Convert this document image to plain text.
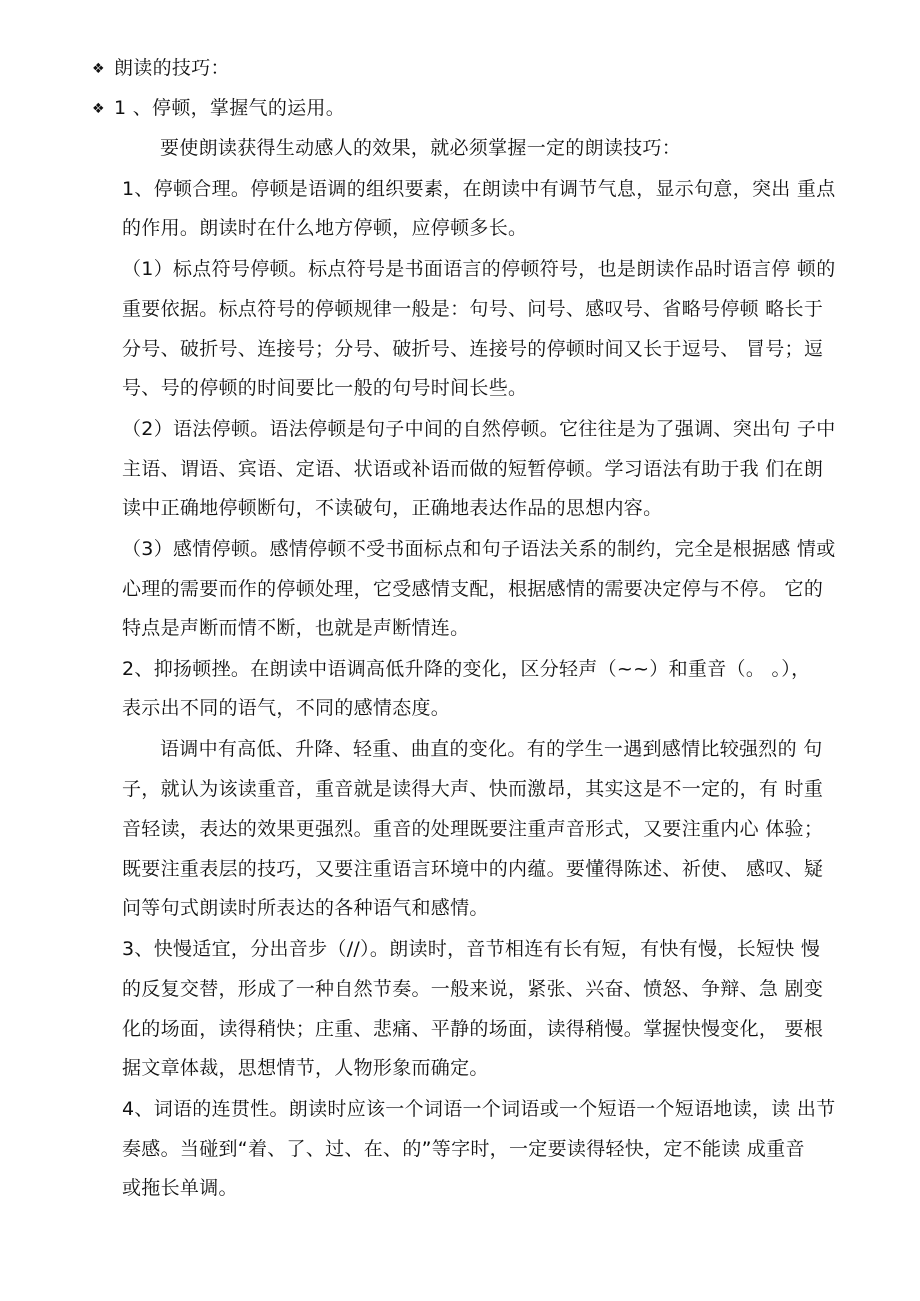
❖ 朗读的技巧：
❖ 1 、停顿，掌握气的运用。
要使朗读获得生动感人的效果，就必须掌握一定的朗读技巧：
1、停顿合理。停顿是语调的组织要素，在朗读中有调节气息，显示句意，突出 重点
的作用。朗读时在什么地方停顿，应停顿多长。
（1）标点符号停顿。标点符号是书面语言的停顿符号，也是朗读作品时语言停 顿的
重要依据。标点符号的停顿规律一般是：句号、问号、感叹号、省略号停顿 略长于
分号、破折号、连接号；分号、破折号、连接号的停顿时间又长于逗号、 冒号；逗
号、号的停顿的时间要比一般的句号时间长些。
（2）语法停顿。语法停顿是句子中间的自然停顿。它往往是为了强调、突出句 子中
主语、谓语、宾语、定语、状语或补语而做的短暂停顿。学习语法有助于我 们在朗
读中正确地停顿断句，不读破句，正确地表达作品的思想内容。
（3）感情停顿。感情停顿不受书面标点和句子语法关系的制约，完全是根据感 情或
心理的需要而作的停顿处理，它受感情支配，根据感情的需要决定停与不停。 它的
特点是声断而情不断，也就是声断情连。
2、抑扬顿挫。在朗读中语调高低升降的变化，区分轻声（~~）和重音（。 。），
表示出不同的语气，不同的感情态度。
语调中有高低、升降、轻重、曲直的变化。有的学生一遇到感情比较强烈的 句
子，就认为该读重音，重音就是读得大声、快而激昂，其实这是不一定的，有 时重
音轻读，表达的效果更强烈。重音的处理既要注重声音形式，又要注重内心 体验；
既要注重表层的技巧，又要注重语言环境中的内蕴。要懂得陈述、祈使、 感叹、疑
问等句式朗读时所表达的各种语气和感情。
3、快慢适宜，分出音步（//）。朗读时，音节相连有长有短，有快有慢，长短快 慢
的反复交替，形成了一种自然节奏。一般来说，紧张、兴奋、愤怒、争辩、急 剧变
化的场面，读得稍快；庄重、悲痛、平静的场面，读得稍慢。掌握快慢变化， 要根
据文章体裁，思想情节，人物形象而确定。
4、词语的连贯性。朗读时应该一个词语一个词语或一个短语一个短语地读，读 出节
奏感。当碰到“着、了、过、在、的”等字时，一定要读得轻快，定不能读 成重音
或拖长单调。
